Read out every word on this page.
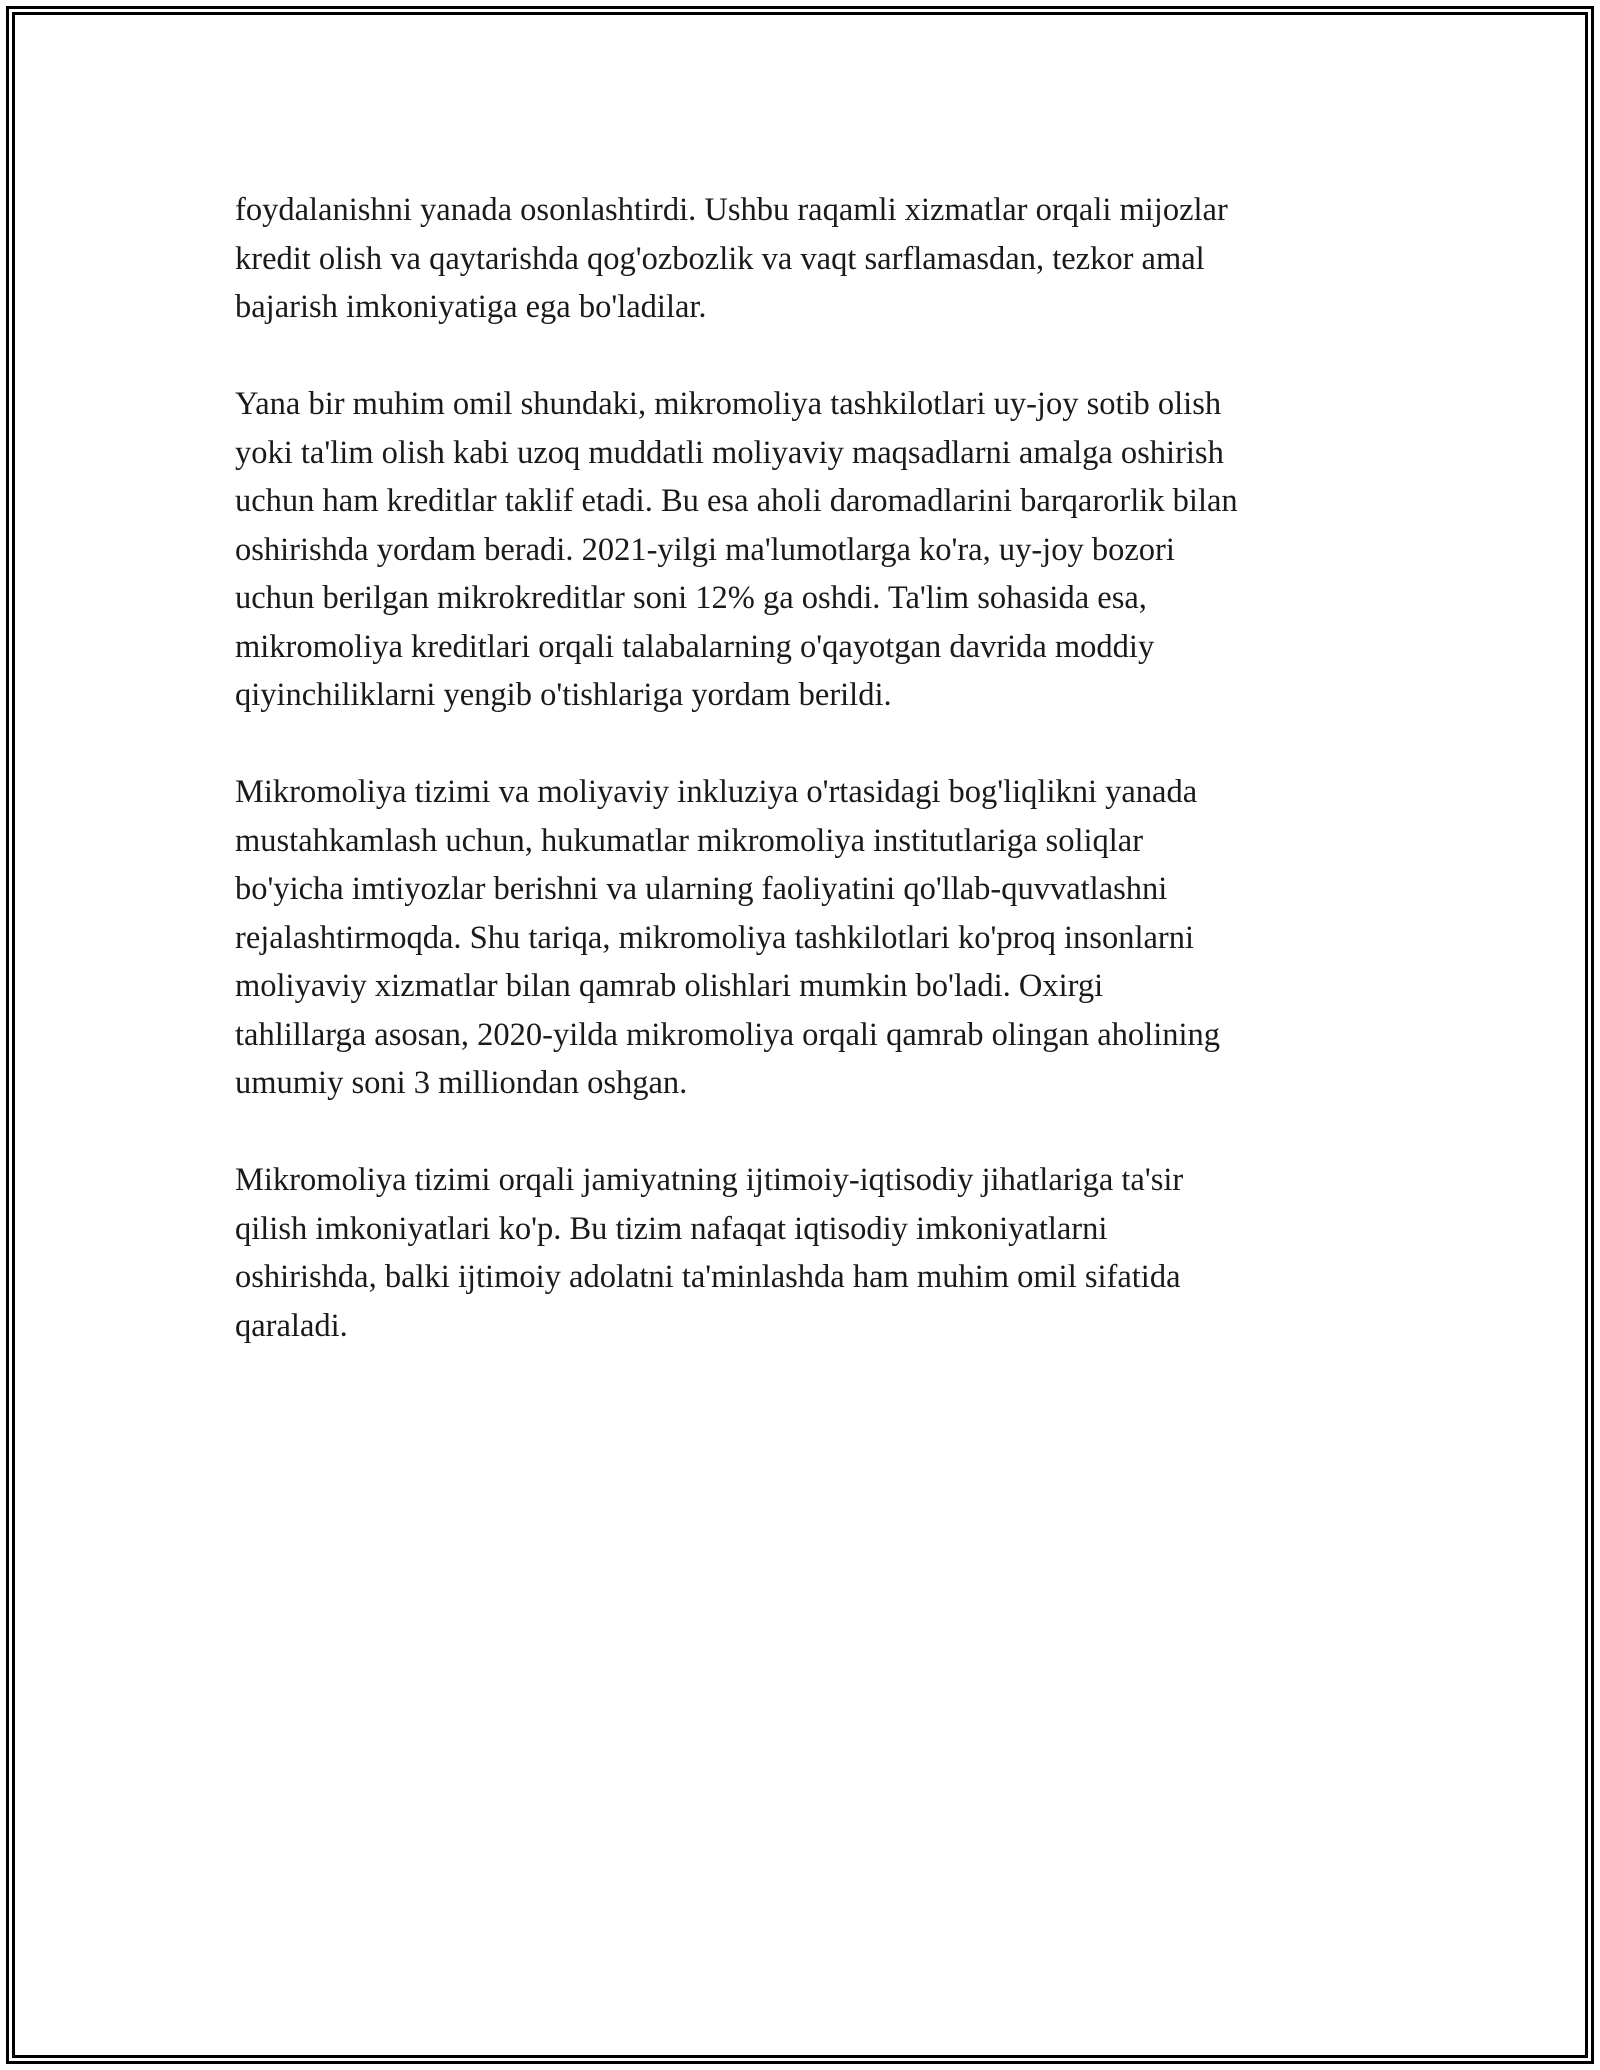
foydalanishni yanada osonlashtirdi. Ushbu raqamli xizmatlar orqali mijozlar
kredit olish va qaytarishda qog'ozbozlik va vaqt sarflamasdan, tezkor amal
bajarish imkoniyatiga ega bo'ladilar.

Yana bir muhim omil shundaki, mikromoliya tashkilotlari uy-joy sotib olish
yoki ta'lim olish kabi uzoq muddatli moliyaviy maqsadlarni amalga oshirish
uchun ham kreditlar taklif etadi. Bu esa aholi daromadlarini barqarorlik bilan
oshirishda yordam beradi. 2021-yilgi ma'lumotlarga ko'ra, uy-joy bozori
uchun berilgan mikrokreditlar soni 12% ga oshdi. Ta'lim sohasida esa,
mikromoliya kreditlari orqali talabalarning o'qayotgan davrida moddiy
qiyinchiliklarni yengib o'tishlariga yordam berildi.

Mikromoliya tizimi va moliyaviy inkluziya o'rtasidagi bog'liqlikni yanada
mustahkamlash uchun, hukumatlar mikromoliya institutlariga soliqlar
bo'yicha imtiyozlar berishni va ularning faoliyatini qo'llab-quvvatlashni
rejalashtirmoqda. Shu tariqa, mikromoliya tashkilotlari ko'proq insonlarni
moliyaviy xizmatlar bilan qamrab olishlari mumkin bo'ladi. Oxirgi
tahlillarga asosan, 2020-yilda mikromoliya orqali qamrab olingan aholining
umumiy soni 3 milliondan oshgan.

Mikromoliya tizimi orqali jamiyatning ijtimoiy-iqtisodiy jihatlariga ta'sir
qilish imkoniyatlari ko'p. Bu tizim nafaqat iqtisodiy imkoniyatlarni
oshirishda, balki ijtimoiy adolatni ta'minlashda ham muhim omil sifatida
qaraladi.
